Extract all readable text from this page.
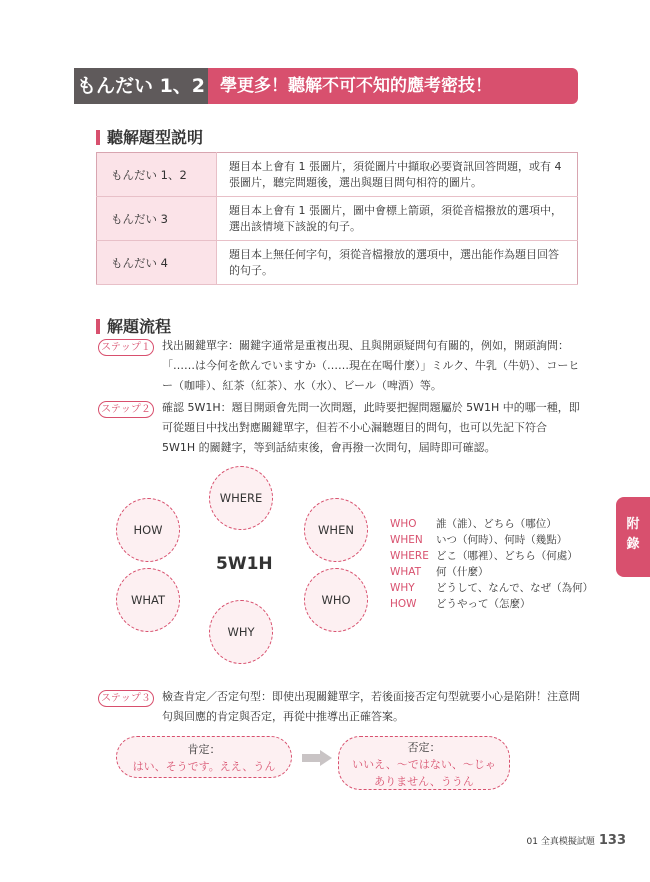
もんだい 1、2 學更多！聽解不可不知的應考密技！
聽解題型説明
もんだい 1、2	題目本上會有 1 張圖片，須從圖片中擷取必要資訊回答問題，或有 4 張圖片，聽完問題後，選出與題目問句相符的圖片。
もんだい 3	題目本上會有 1 張圖片，圖中會標上箭頭，須從音檔撥放的選項中，選出該情境下該說的句子。
もんだい 4	題目本上無任何字句，須從音檔撥放的選項中，選出能作為題目回答的句子。
解題流程
ステップ１ 找出關鍵單字：關鍵字通常是重複出現、且與開頭疑問句有關的，例如，開頭詢問：「……は今何を飲んでいますか（……現在在喝什麼）」ミルク、牛乳（牛奶）、コーヒー（咖啡）、紅茶（紅茶）、水（水）、ビール（啤酒）等。
ステップ２ 確認 5W1H：題目開頭會先問一次問題，此時要把握問題屬於 5W1H 中的哪一種，即可從題目中找出對應關鍵單字，但若不小心漏聽題目的問句，也可以先記下符合 5W1H 的關鍵字，等到話結束後，會再撥一次問句，屆時即可確認。
WHERE
HOW	WHEN
WHAT	WHO
WHY
5W1H
WHO 誰（誰）、どちら（哪位）
WHEN いつ（何時）、何時（幾點）
WHERE どこ（哪裡）、どちら（何處）
WHAT 何（什麼）
WHY どうして、なんで、なぜ（為何）
HOW どうやって（怎麼）
ステップ３ 檢查肯定／否定句型：即使出現關鍵單字，若後面接否定句型就要小心是陷阱！注意問句與回應的肯定與否定，再從中推導出正確答案。
肯定：
はい、そうです。ええ、うん
否定：
いいえ、～ではない、～じゃ
ありません、ううん
附
錄
01 全真模擬試題 133
